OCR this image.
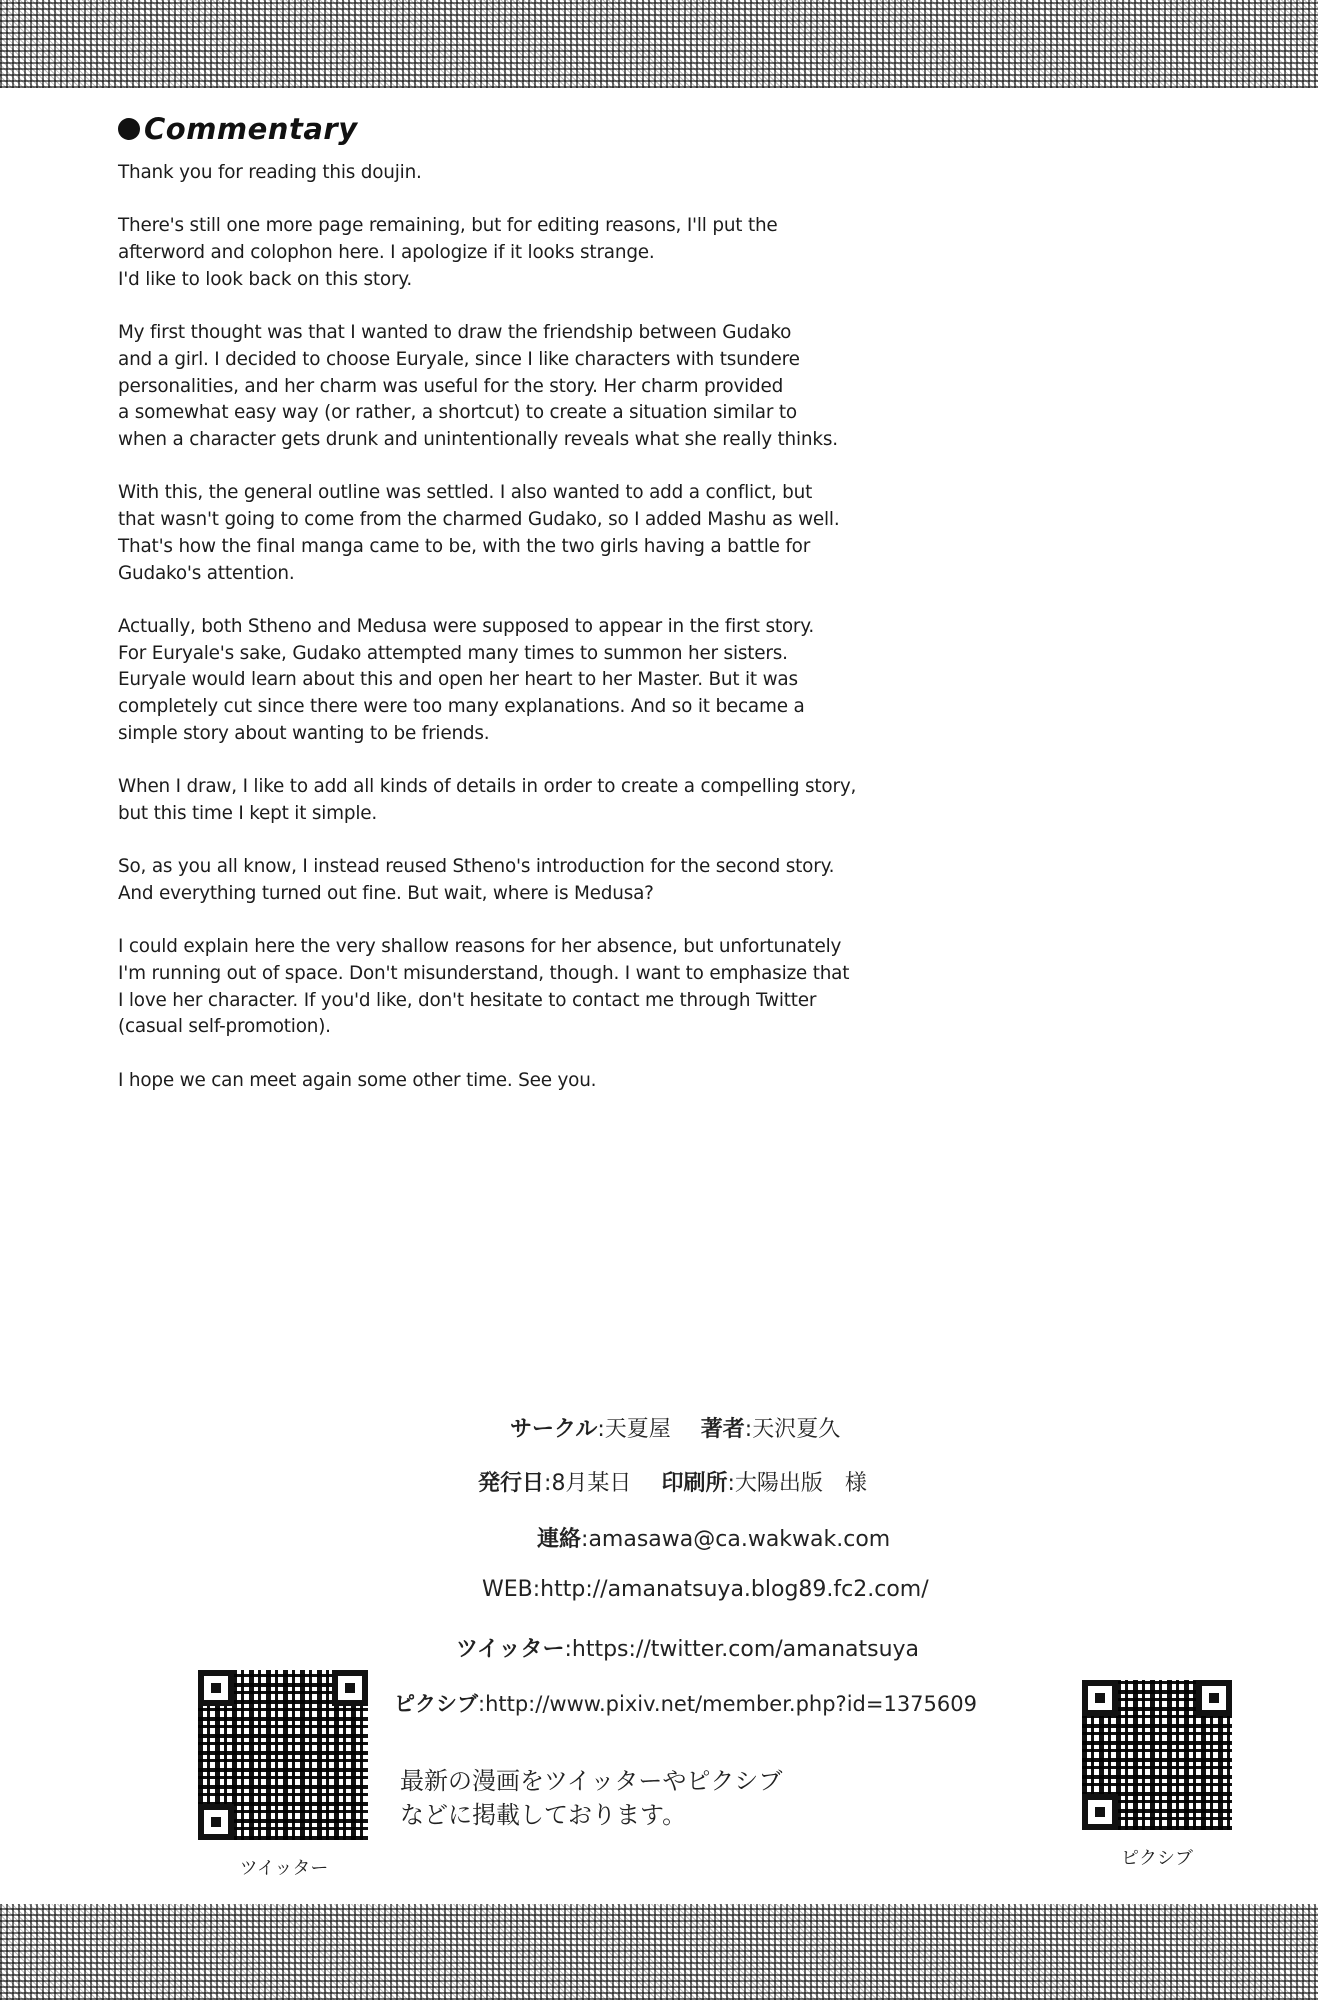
Commentary
Thank you for reading this doujin.
There's still one more page remaining, but for editing reasons, I'll put the
afterword and colophon here. I apologize if it looks strange.
I'd like to look back on this story.
My first thought was that I wanted to draw the friendship between Gudako
and a girl. I decided to choose Euryale, since I like characters with tsundere
personalities, and her charm was useful for the story. Her charm provided
a somewhat easy way (or rather, a shortcut) to create a situation similar to
when a character gets drunk and unintentionally reveals what she really thinks.
With this, the general outline was settled. I also wanted to add a conflict, but
that wasn't going to come from the charmed Gudako, so I added Mashu as well.
That's how the final manga came to be, with the two girls having a battle for
Gudako's attention.
Actually, both Stheno and Medusa were supposed to appear in the first story.
For Euryale's sake, Gudako attempted many times to summon her sisters.
Euryale would learn about this and open her heart to her Master. But it was
completely cut since there were too many explanations. And so it became a
simple story about wanting to be friends.
When I draw, I like to add all kinds of details in order to create a compelling story,
but this time I kept it simple.
So, as you all know, I instead reused Stheno's introduction for the second story.
And everything turned out fine. But wait, where is Medusa?
I could explain here the very shallow reasons for her absence, but unfortunately
I'm running out of space. Don't misunderstand, though. I want to emphasize that
I love her character. If you'd like, don't hesitate to contact me through Twitter
(casual self-promotion).
I hope we can meet again some other time. See you.
サークル:天夏屋 著者:天沢夏久
発行日:8月某日 印刷所:大陽出版　様
連絡:amasawa@ca.wakwak.com
WEB:http://amanatsuya.blog89.fc2.com/
ツイッター:https://twitter.com/amanatsuya
ピクシブ:http://www.pixiv.net/member.php?id=1375609
最新の漫画をツイッターやピクシブ
などに掲載しております。
ツイッター	ピクシブ
